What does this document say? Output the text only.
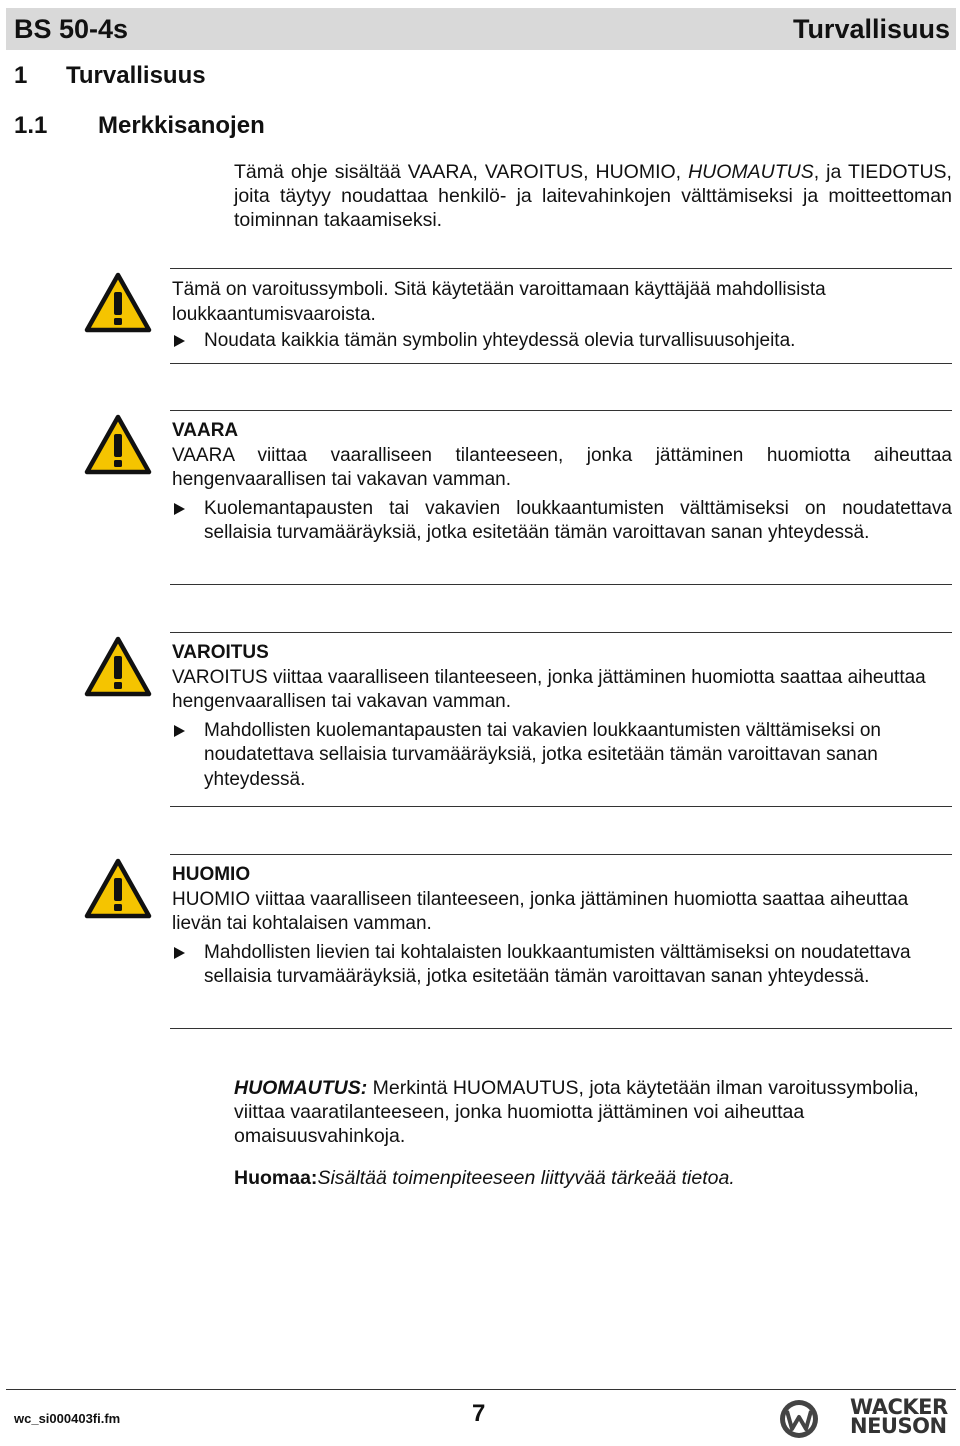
BS 50-4s	Turvallisuus
1 Turvallisuus
1.1 Merkkisanojen
Tämä ohje sisältää VAARA, VAROITUS, HUOMIO, HUOMAUTUS, ja TIEDOTUS, joita täytyy noudattaa henkilö- ja laitevahinkojen välttämiseksi ja moitteettoman toiminnan takaamiseksi.
Tämä on varoitussymboli. Sitä käytetään varoittamaan käyttäjää mahdollisista loukkaantumisvaaroista.
Noudata kaikkia tämän symbolin yhteydessä olevia turvallisuusohjeita.
VAARA
VAARA viittaa vaaralliseen tilanteeseen, jonka jättäminen huomiotta aiheuttaa hengenvaarallisen tai vakavan vamman.
Kuolemantapausten tai vakavien loukkaantumisten välttämiseksi on noudatettava sellaisia turvamääräyksiä, jotka esitetään tämän varoittavan sanan yhteydessä.
VAROITUS
VAROITUS viittaa vaaralliseen tilanteeseen, jonka jättäminen huomiotta saattaa aiheuttaa hengenvaarallisen tai vakavan vamman.
Mahdollisten kuolemantapausten tai vakavien loukkaantumisten välttämiseksi on noudatettava sellaisia turvamääräyksiä, jotka esitetään tämän varoittavan sanan yhteydessä.
HUOMIO
HUOMIO viittaa vaaralliseen tilanteeseen, jonka jättäminen huomiotta saattaa aiheuttaa lievän tai kohtalaisen vamman.
Mahdollisten lievien tai kohtalaisten loukkaantumisten välttämiseksi on noudatettava sellaisia turvamääräyksiä, jotka esitetään tämän varoittavan sanan yhteydessä.
HUOMAUTUS: Merkintä HUOMAUTUS, jota käytetään ilman varoitussymbolia, viittaa vaaratilanteeseen, jonka huomiotta jättäminen voi aiheuttaa omaisuusvahinkoja.
Huomaa:Sisältää toimenpiteeseen liittyvää tärkeää tietoa.
wc_si000403fi.fm	7	WACKER
NEUSON
